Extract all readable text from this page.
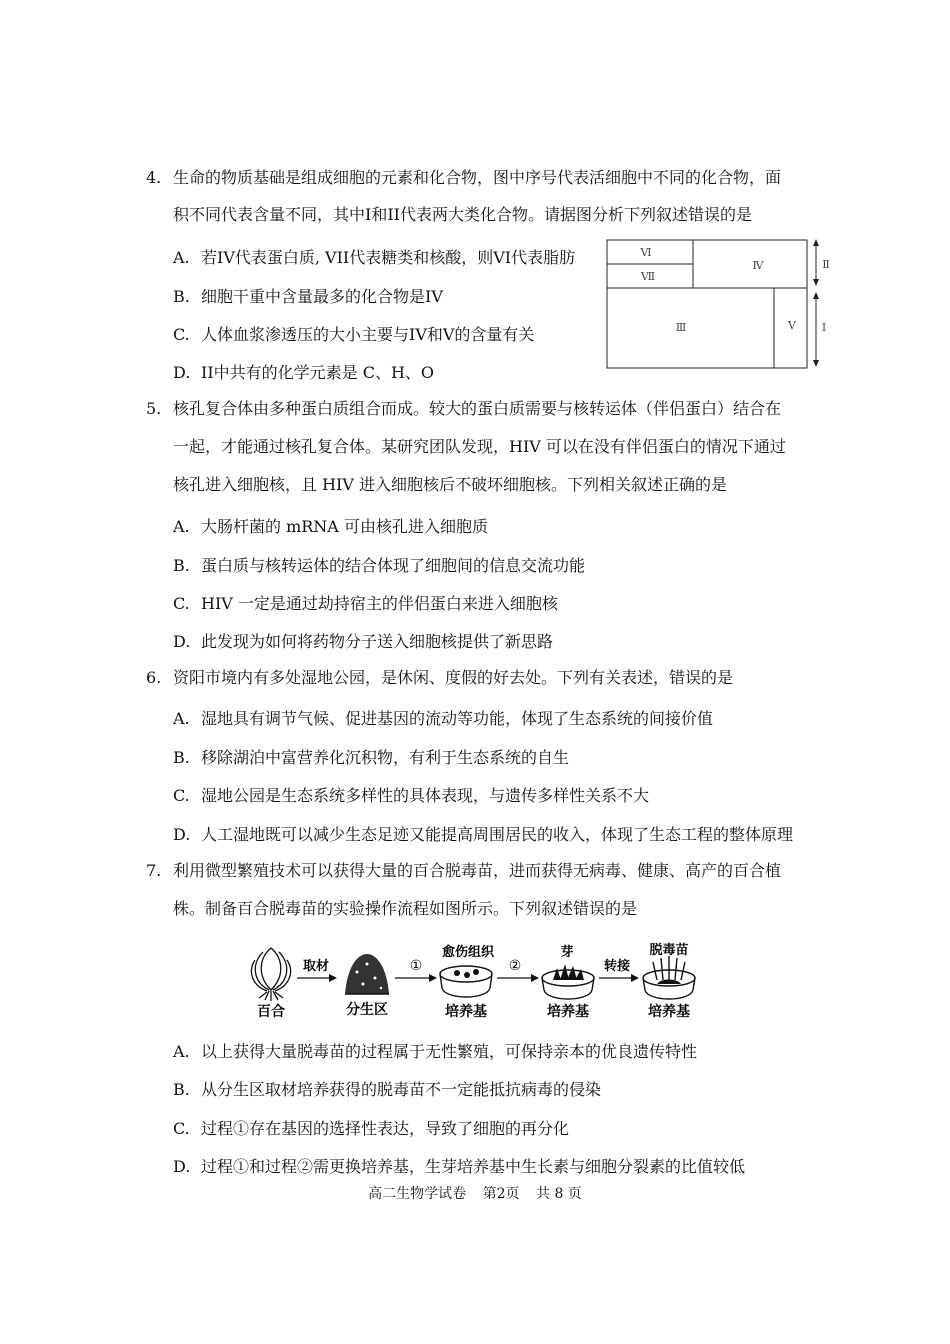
4. 生命的物质基础是组成细胞的元素和化合物，图中序号代表活细胞中不同的化合物，面
积不同代表含量不同，其中I和II代表两大类化合物。请据图分析下列叙述错误的是
A. 若IV代表蛋白质, VII代表糖类和核酸，则VI代表脂肪
B. 细胞干重中含量最多的化合物是IV
C. 人体血浆渗透压的大小主要与IV和V的含量有关
D. II中共有的化学元素是 C、H、O
Ⅵ
Ⅶ
Ⅳ
Ⅲ	Ⅴ
Ⅱ
Ⅰ
5. 核孔复合体由多种蛋白质组合而成。较大的蛋白质需要与核转运体（伴侣蛋白）结合在
一起，才能通过核孔复合体。某研究团队发现，HIV 可以在没有伴侣蛋白的情况下通过
核孔进入细胞核，且 HIV 进入细胞核后不破坏细胞核。下列相关叙述正确的是
A. 大肠杆菌的 mRNA 可由核孔进入细胞质
B. 蛋白质与核转运体的结合体现了细胞间的信息交流功能
C. HIV 一定是通过劫持宿主的伴侣蛋白来进入细胞核
D. 此发现为如何将药物分子送入细胞核提供了新思路
6. 资阳市境内有多处湿地公园，是休闲、度假的好去处。下列有关表述，错误的是
A. 湿地具有调节气候、促进基因的流动等功能，体现了生态系统的间接价值
B. 移除湖泊中富营养化沉积物，有利于生态系统的自生
C. 湿地公园是生态系统多样性的具体表现，与遗传多样性关系不大
D. 人工湿地既可以减少生态足迹又能提高周围居民的收入，体现了生态工程的整体原理
7. 利用微型繁殖技术可以获得大量的百合脱毒苗，进而获得无病毒、健康、高产的百合植
株。制备百合脱毒苗的实验操作流程如图所示。下列叙述错误的是
百合
取材
分生区
①
愈伤组织
培养基
②
芽
培养基
转接
脱毒苗
培养基
A. 以上获得大量脱毒苗的过程属于无性繁殖，可保持亲本的优良遗传特性
B. 从分生区取材培养获得的脱毒苗不一定能抵抗病毒的侵染
C. 过程①存在基因的选择性表达，导致了细胞的再分化
D. 过程①和过程②需更换培养基，生芽培养基中生长素与细胞分裂素的比值较低
高二生物学试卷 第2页 共 8 页
